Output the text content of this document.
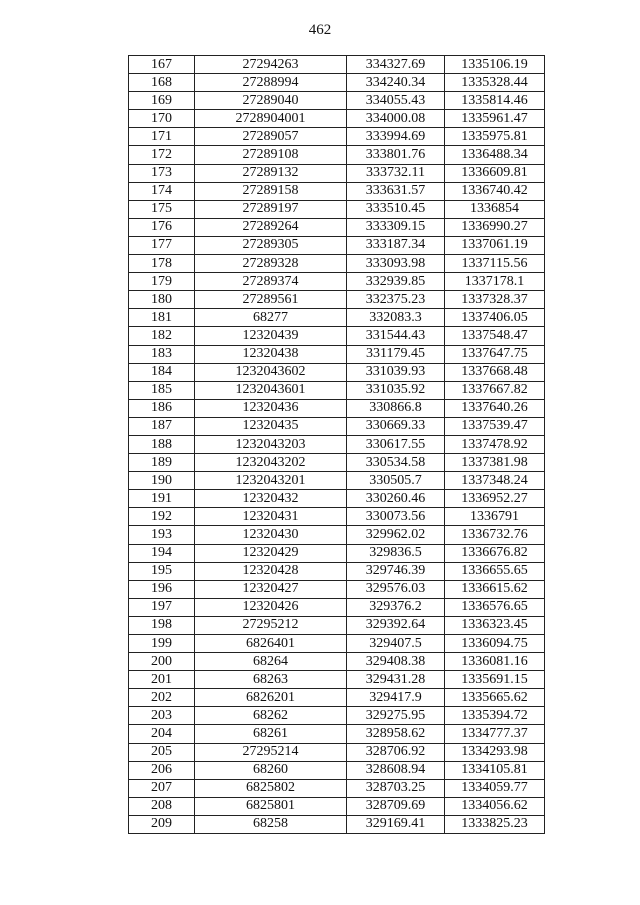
462
167	27294263	334327.69	1335106.19
168	27288994	334240.34	1335328.44
169	27289040	334055.43	1335814.46
170	2728904001	334000.08	1335961.47
171	27289057	333994.69	1335975.81
172	27289108	333801.76	1336488.34
173	27289132	333732.11	1336609.81
174	27289158	333631.57	1336740.42
175	27289197	333510.45	1336854
176	27289264	333309.15	1336990.27
177	27289305	333187.34	1337061.19
178	27289328	333093.98	1337115.56
179	27289374	332939.85	1337178.1
180	27289561	332375.23	1337328.37
181	68277	332083.3	1337406.05
182	12320439	331544.43	1337548.47
183	12320438	331179.45	1337647.75
184	1232043602	331039.93	1337668.48
185	1232043601	331035.92	1337667.82
186	12320436	330866.8	1337640.26
187	12320435	330669.33	1337539.47
188	1232043203	330617.55	1337478.92
189	1232043202	330534.58	1337381.98
190	1232043201	330505.7	1337348.24
191	12320432	330260.46	1336952.27
192	12320431	330073.56	1336791
193	12320430	329962.02	1336732.76
194	12320429	329836.5	1336676.82
195	12320428	329746.39	1336655.65
196	12320427	329576.03	1336615.62
197	12320426	329376.2	1336576.65
198	27295212	329392.64	1336323.45
199	6826401	329407.5	1336094.75
200	68264	329408.38	1336081.16
201	68263	329431.28	1335691.15
202	6826201	329417.9	1335665.62
203	68262	329275.95	1335394.72
204	68261	328958.62	1334777.37
205	27295214	328706.92	1334293.98
206	68260	328608.94	1334105.81
207	6825802	328703.25	1334059.77
208	6825801	328709.69	1334056.62
209	68258	329169.41	1333825.23
